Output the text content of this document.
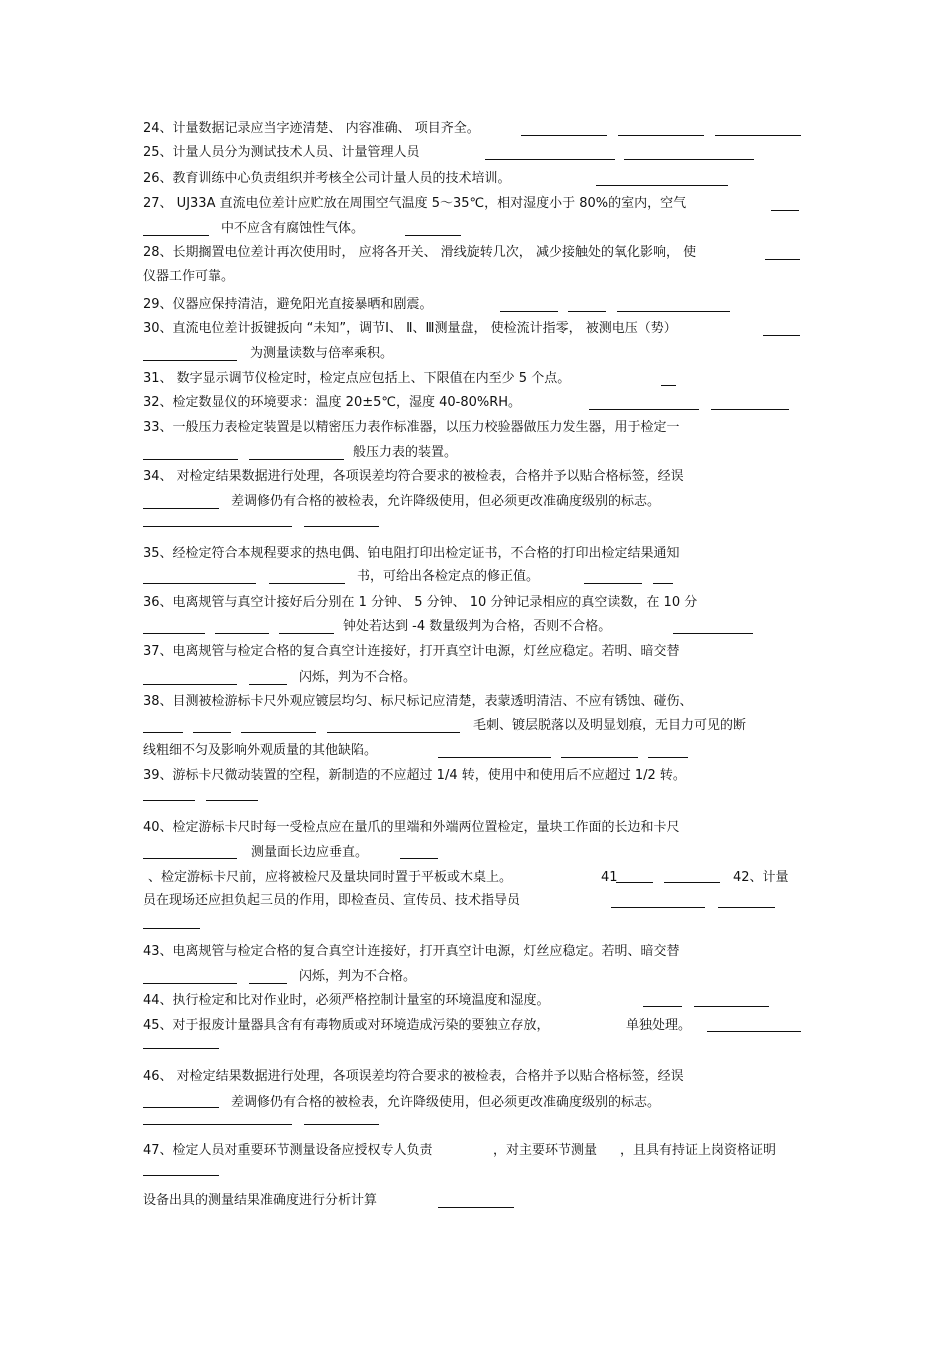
24、计量数据记录应当字迹清楚、 内容准确、 项目齐全。
25、计量人员分为测试技术人员、计量管理人员
26、教育训练中心负责组织并考核全公司计量人员的技术培训。
27、 UJ33A 直流电位差计应贮放在周围空气温度 5～35℃，相对湿度小于 80%的室内，空气
中不应含有腐蚀性气体。
28、长期搁置电位差计再次使用时， 应将各开关、 滑线旋转几次， 减少接触处的氧化影响， 使
仪器工作可靠。
29、仪器应保持清洁，避免阳光直接暴晒和剧震。
30、直流电位差计扳键扳向 “未知”，调节Ⅰ、 Ⅱ、Ⅲ测量盘， 使检流计指零， 被测电压（势）
为测量读数与倍率乘积。
31、 数字显示调节仪检定时，检定点应包括上、下限值在内至少 5 个点。
32、检定数显仪的环境要求：温度 20±5℃，湿度 40-80%RH。
33、一般压力表检定装置是以精密压力表作标准器，以压力校验器做压力发生器，用于检定一
般压力表的装置。
34、 对检定结果数据进行处理，各项误差均符合要求的被检表，合格并予以贴合格标签，经误
差调修仍有合格的被检表，允许降级使用，但必须更改准确度级别的标志。
35、经检定符合本规程要求的热电偶、铂电阻打印出检定证书，不合格的打印出检定结果通知
书，可给出各检定点的修正值。
36、电离规管与真空计接好后分别在 1 分钟、 5 分钟、 10 分钟记录相应的真空读数，在 10 分
钟处若达到 -4 数量级判为合格，否则不合格。
37、电离规管与检定合格的复合真空计连接好，打开真空计电源，灯丝应稳定。若明、暗交替
闪烁，判为不合格。
38、目测被检游标卡尺外观应镀层均匀、标尺标记应清楚，表蒙透明清洁、不应有锈蚀、碰伤、
毛刺、镀层脱落以及明显划痕，无目力可见的断
线粗细不匀及影响外观质量的其他缺陷。
39、游标卡尺微动装置的空程，新制造的不应超过 1/4 转，使用中和使用后不应超过 1/2 转。
40、检定游标卡尺时每一受检点应在量爪的里端和外端两位置检定，量块工作面的长边和卡尺
测量面长边应垂直。
、检定游标卡尺前，应将被检尺及量块同时置于平板或木桌上。	41	42、计量
员在现场还应担负起三员的作用，即检查员、宣传员、技术指导员
43、电离规管与检定合格的复合真空计连接好，打开真空计电源，灯丝应稳定。若明、暗交替
闪烁，判为不合格。
44、执行检定和比对作业时，必须严格控制计量室的环境温度和湿度。
45、对于报废计量器具含有有毒物质或对环境造成污染的要独立存放，	单独处理。
46、 对检定结果数据进行处理，各项误差均符合要求的被检表，合格并予以贴合格标签，经误
差调修仍有合格的被检表，允许降级使用，但必须更改准确度级别的标志。
47、检定人员对重要环节测量设备应授权专人负责	，对主要环节测量 ，且具有持证上岗资格证明
设备出具的测量结果准确度进行分析计算
